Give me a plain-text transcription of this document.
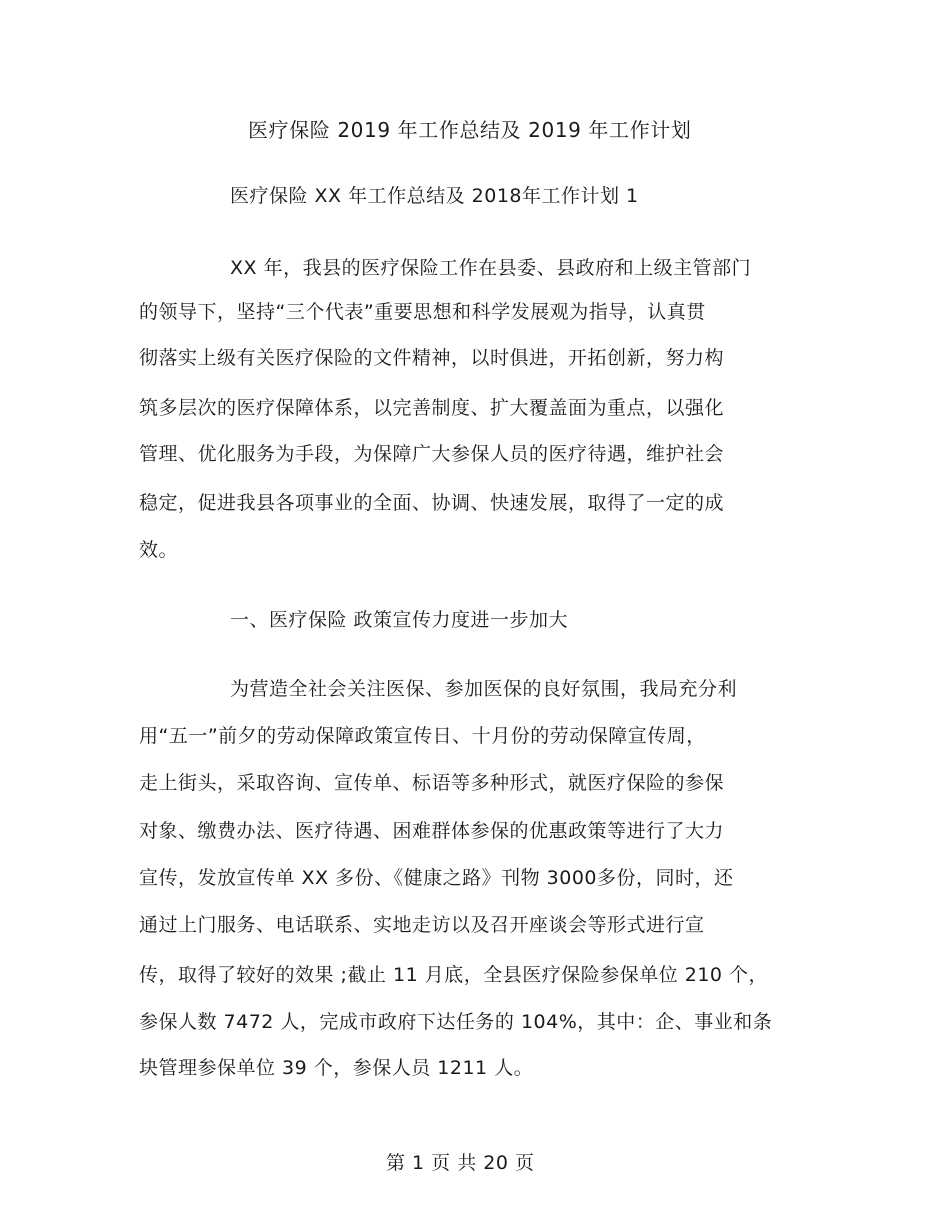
医疗保险 2019 年工作总结及 2019 年工作计划
医疗保险 XX 年工作总结及 2018年工作计划 1
XX 年，我县的医疗保险工作在县委、县政府和上级主管部门
的领导下，坚持“三个代表”重要思想和科学发展观为指导，认真贯
彻落实上级有关医疗保险的文件精神，以时俱进，开拓创新，努力构
筑多层次的医疗保障体系，以完善制度、扩大覆盖面为重点，以强化
管理、优化服务为手段，为保障广大参保人员的医疗待遇，维护社会
稳定，促进我县各项事业的全面、协调、快速发展，取得了一定的成
效。
一、医疗保险 政策宣传力度进一步加大
为营造全社会关注医保、参加医保的良好氛围，我局充分利
用“五一”前夕的劳动保障政策宣传日、十月份的劳动保障宣传周，
走上街头，采取咨询、宣传单、标语等多种形式，就医疗保险的参保
对象、缴费办法、医疗待遇、困难群体参保的优惠政策等进行了大力
宣传，发放宣传单 XX 多份、《健康之路》刊物 3000多份，同时，还
通过上门服务、电话联系、实地走访以及召开座谈会等形式进行宣
传，取得了较好的效果 ;截止 11 月底，全县医疗保险参保单位 210 个，
参保人数 7472 人，完成市政府下达任务的 104%，其中：企、事业和条
块管理参保单位 39 个，参保人员 1211 人。
第 1 页 共 20 页
